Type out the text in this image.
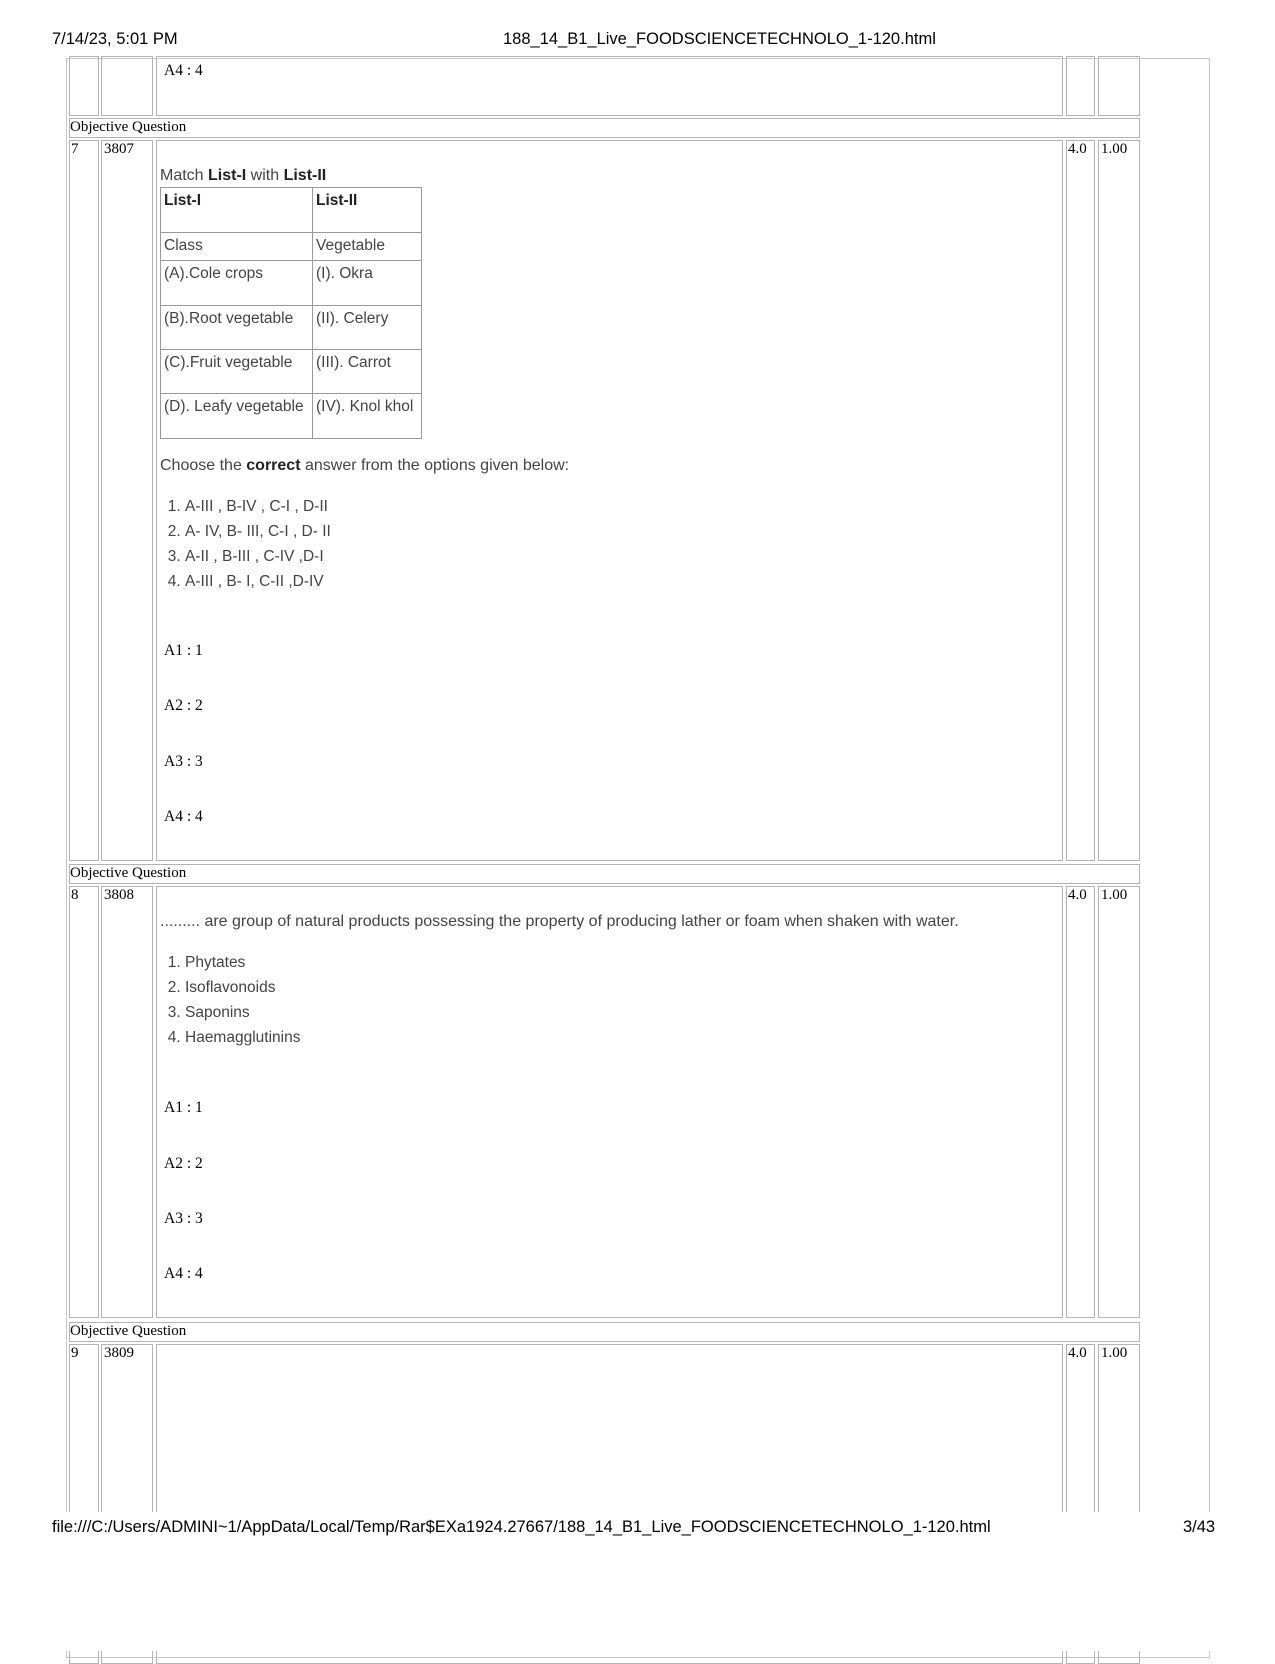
7/14/23, 5:01 PM	188_14_B1_Live_FOODSCIENCETECHNOLO_1-120.html
A4 : 4
Objective Question
7 3807	4.0 1.00
Match List-I with List-II
List-I	List-II
Class	Vegetable
(A).Cole crops	(I). Okra
(B).Root vegetable	(II). Celery
(C).Fruit vegetable	(III). Carrot
(D). Leafy vegetable	(IV). Knol khol
Choose the correct answer from the options given below:
1. A-III , B-IV , C-I , D-II
2. A- IV, B- III, C-I , D- II
3. A-II , B-III , C-IV ,D-I
4. A-III , B- I, C-II ,D-IV
A1 : 1
A2 : 2
A3 : 3
A4 : 4
Objective Question
8 3808	4.0 1.00
......... are group of natural products possessing the property of producing lather or foam when shaken with water.
1. Phytates
2. Isoflavonoids
3. Saponins
4. Haemagglutinins
A1 : 1
A2 : 2
A3 : 3
A4 : 4
Objective Question
9 3809	4.0 1.00
file:///C:/Users/ADMINI~1/AppData/Local/Temp/Rar$EXa1924.27667/188_14_B1_Live_FOODSCIENCETECHNOLO_1-120.html	3/43
